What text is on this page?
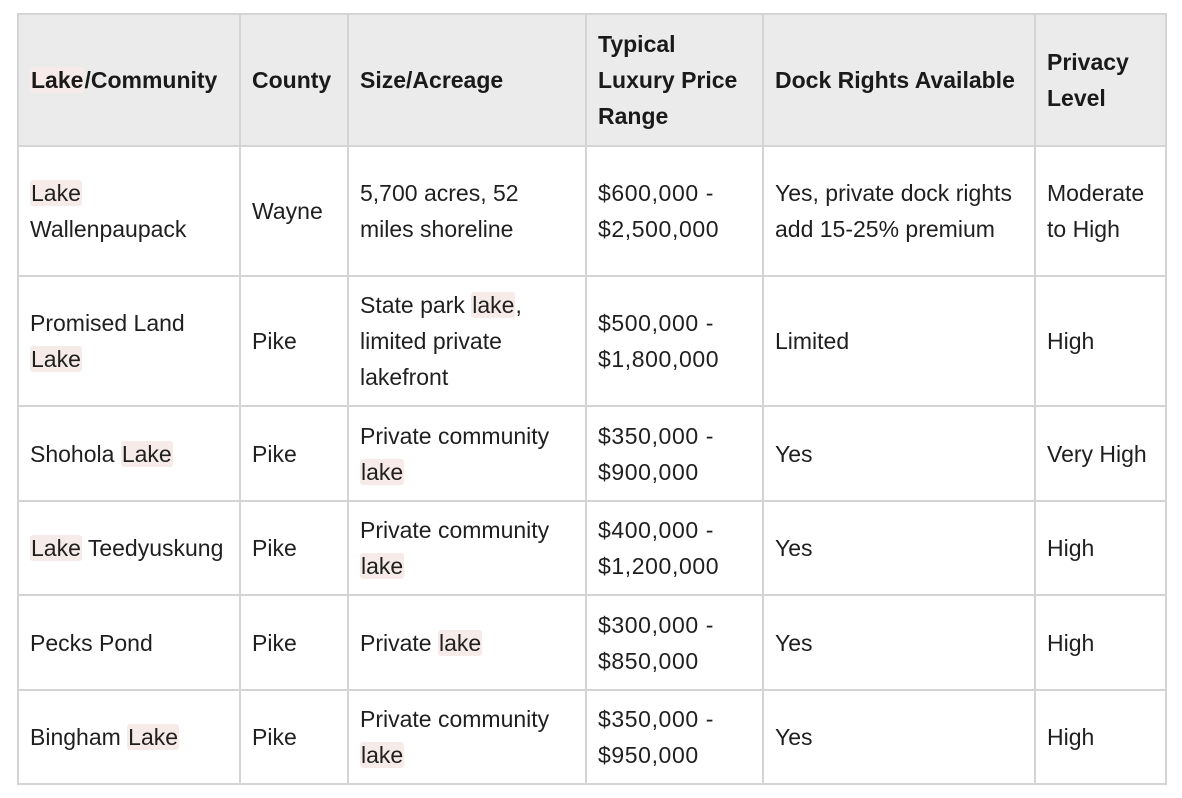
Lake/Community	County	Size/Acreage	Typical Luxury Price Range	Dock Rights Available	Privacy Level
Lake Wallenpaupack	Wayne	5,700 acres, 52 miles shoreline	$600,000 - $2,500,000	Yes, private dock rights add 15-25% premium	Moderate to High
Promised Land Lake	Pike	State park lake, limited private lakefront	$500,000 - $1,800,000	Limited	High
Shohola Lake	Pike	Private community lake	$350,000 - $900,000	Yes	Very High
Lake Teedyuskung	Pike	Private community lake	$400,000 - $1,200,000	Yes	High
Pecks Pond	Pike	Private lake	$300,000 - $850,000	Yes	High
Bingham Lake	Pike	Private community lake	$350,000 - $950,000	Yes	High
